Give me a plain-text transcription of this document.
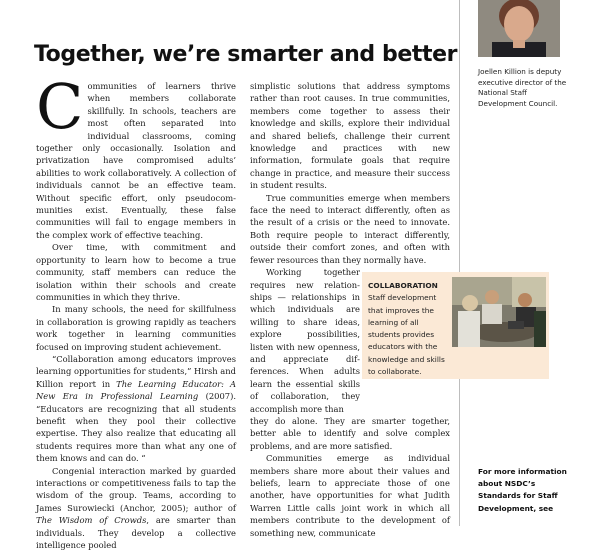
Together, we’re smarter and better

Communities of learners thrive when members collaborate skillfully. In schools, teachers are most often separated into individual classrooms, coming together only occasionally. Isolation and privatization have compromised adults’ abilities to work collaboratively. A collection of individuals cannot be an effective team. Without specific effort, only pseudocommunities exist. Eventually, these false communities will fail to engage members in the complex work of effective teaching.

Over time, with commitment and opportunity to learn how to become a true community, staff members can reduce the isolation within their schools and create communities in which they thrive.

In many schools, the need for skillfulness in collaboration is growing rapidly as teachers work together in learning communities focused on improving student achievement.

“Collaboration among educators improves learning opportunities for students,” Hirsh and Killion report in The Learning Educator: A New Era in Professional Learning (2007). “Educators are recognizing that all students benefit when they pool their collective expertise. They also realize that educating all students requires more than what any one of them knows and can do. “

Congenial interaction marked by guarded interactions or competitiveness fails to tap the wisdom of the group. Teams, according to James Surowiecki (Anchor, 2005); author of The Wisdom of Crowds, are smarter than individuals. They develop a collective intelligence pooled

simplistic solutions that address symptoms rather than root causes. In true communities, members come together to assess their knowledge and skills, explore their individual and shared beliefs, challenge their current knowledge and practices with new information, formulate goals that require change in practice, and measure their success in student results.

True communities emerge when members face the need to interact differently, often as the result of a crisis or the need to innovate. Both require people to interact differently, outside their comfort zones, and often with fewer resources than they normally have.

Working together requires new relationships — relationships in which individuals are willing to share ideas, explore possibilities, listen with new openness, and appreciate differences. When adults learn the essential skills of collaboration, they accomplish more than

they do alone. They are smarter together, better able to identify and solve complex problems, and are more satisfied.

Communities emerge as individual members share more about their values and beliefs, learn to appreciate those of one another, have opportunities for what Judith Warren Little calls joint work in which all members contribute to the development of something new, communicate

COLLABORATION
Staff development that improves the learning of all students provides educators with the knowledge and skills to collaborate.
Joellen Killion is deputy executive director of the National Staff Development Council.
For more information about NSDC’s Standards for Staff Development, see
